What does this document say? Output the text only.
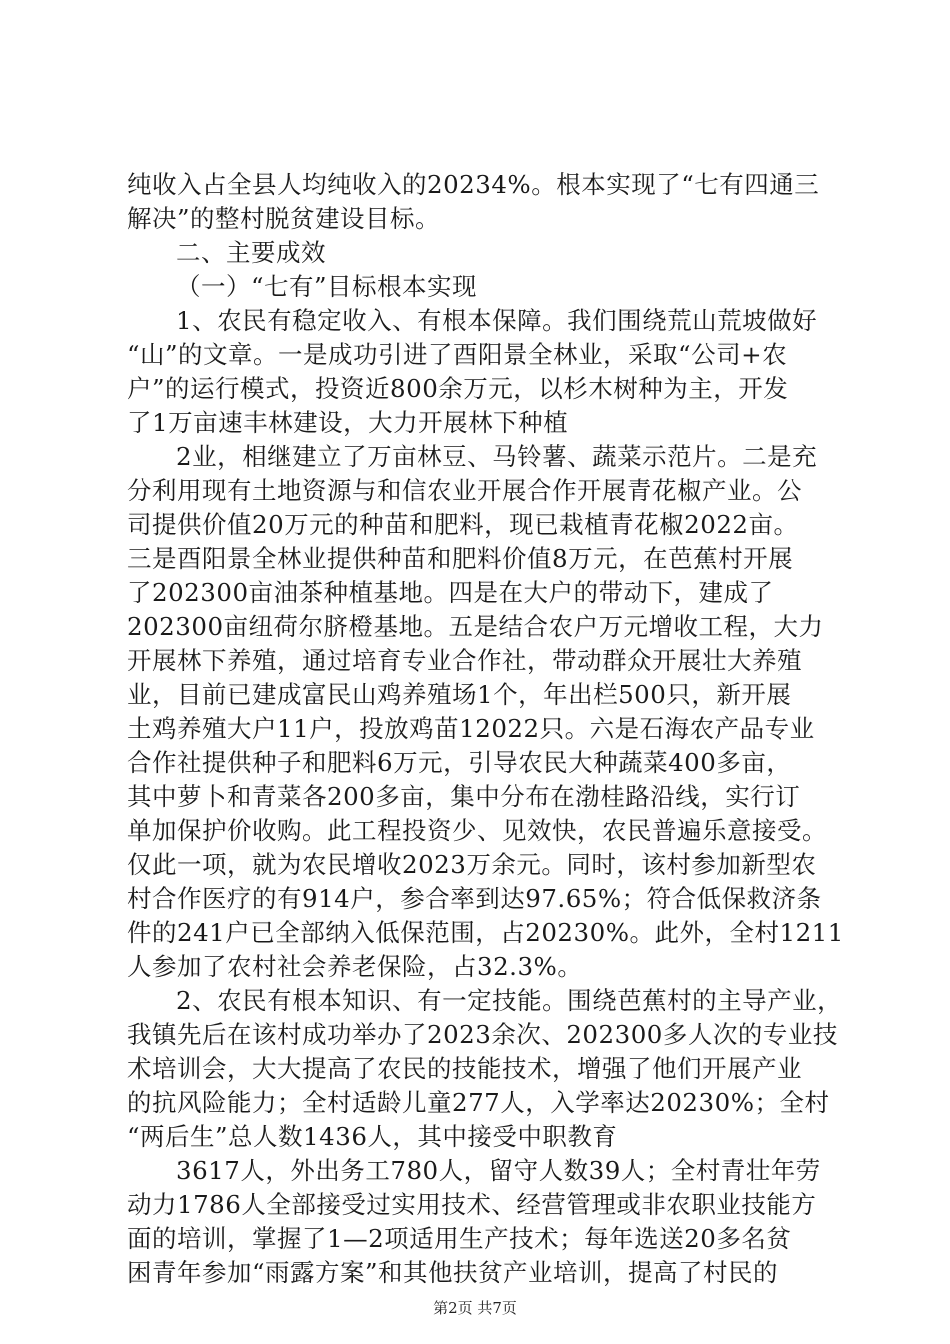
纯收入占全县人均纯收入的20234%。根本实现了“七有四通三
解决”的整村脱贫建设目标。
二、主要成效
（一）“七有”目标根本实现
1、农民有稳定收入、有根本保障。我们围绕荒山荒坡做好
“山”的文章。一是成功引进了酉阳景全林业，采取“公司+农
户”的运行模式，投资近800余万元，以杉木树种为主，开发
了1万亩速丰林建设，大力开展林下种植
2业，相继建立了万亩林豆、马铃薯、蔬菜示范片。二是充
分利用现有土地资源与和信农业开展合作开展青花椒产业。公
司提供价值20万元的种苗和肥料，现已栽植青花椒2022亩。
三是酉阳景全林业提供种苗和肥料价值8万元，在芭蕉村开展
了202300亩油茶种植基地。四是在大户的带动下，建成了
202300亩纽荷尔脐橙基地。五是结合农户万元增收工程，大力
开展林下养殖，通过培育专业合作社，带动群众开展壮大养殖
业，目前已建成富民山鸡养殖场1个，年出栏500只，新开展
土鸡养殖大户11户，投放鸡苗12022只。六是石海农产品专业
合作社提供种子和肥料6万元，引导农民大种蔬菜400多亩，
其中萝卜和青菜各200多亩，集中分布在渤桂路沿线，实行订
单加保护价收购。此工程投资少、见效快，农民普遍乐意接受。
仅此一项，就为农民增收2023万余元。同时，该村参加新型农
村合作医疗的有914户，参合率到达97.65%；符合低保救济条
件的241户已全部纳入低保范围，占20230%。此外，全村1211
人参加了农村社会养老保险，占32.3%。
2、农民有根本知识、有一定技能。围绕芭蕉村的主导产业，
我镇先后在该村成功举办了2023余次、202300多人次的专业技
术培训会，大大提高了农民的技能技术，增强了他们开展产业
的抗风险能力；全村适龄儿童277人，入学率达20230%；全村
“两后生”总人数1436人，其中接受中职教育
3617人，外出务工780人，留守人数39人；全村青壮年劳
动力1786人全部接受过实用技术、经营管理或非农职业技能方
面的培训，掌握了1—2项适用生产技术；每年选送20多名贫
困青年参加“雨露方案”和其他扶贫产业培训，提高了村民的
第2页 共7页
